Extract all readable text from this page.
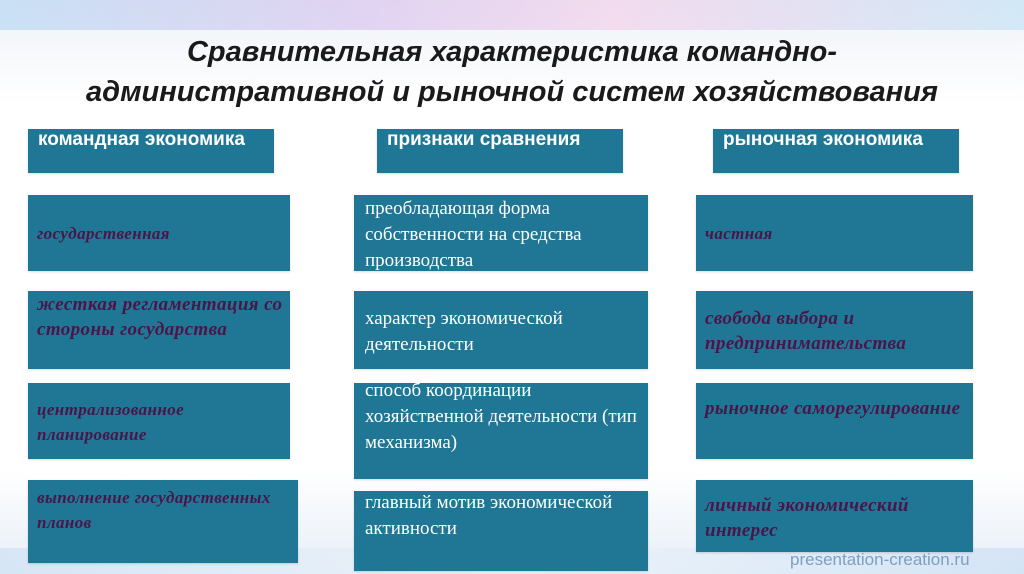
Сравнительная характеристика командно-административной и рыночной систем хозяйствования
командная экономика	признаки сравнения	рыночная экономика
государственная
преобладающая форма собственности на средства производства
частная
жесткая регламентация со стороны государства
характер экономической деятельности
свобода выбора и предпринимательства
централизованное планирование
способ координации хозяйственной деятельности (тип механизма)
рыночное саморегулирование
выполнение государственных планов
главный мотив экономической активности
личный экономический интерес
presentation-creation.ru
